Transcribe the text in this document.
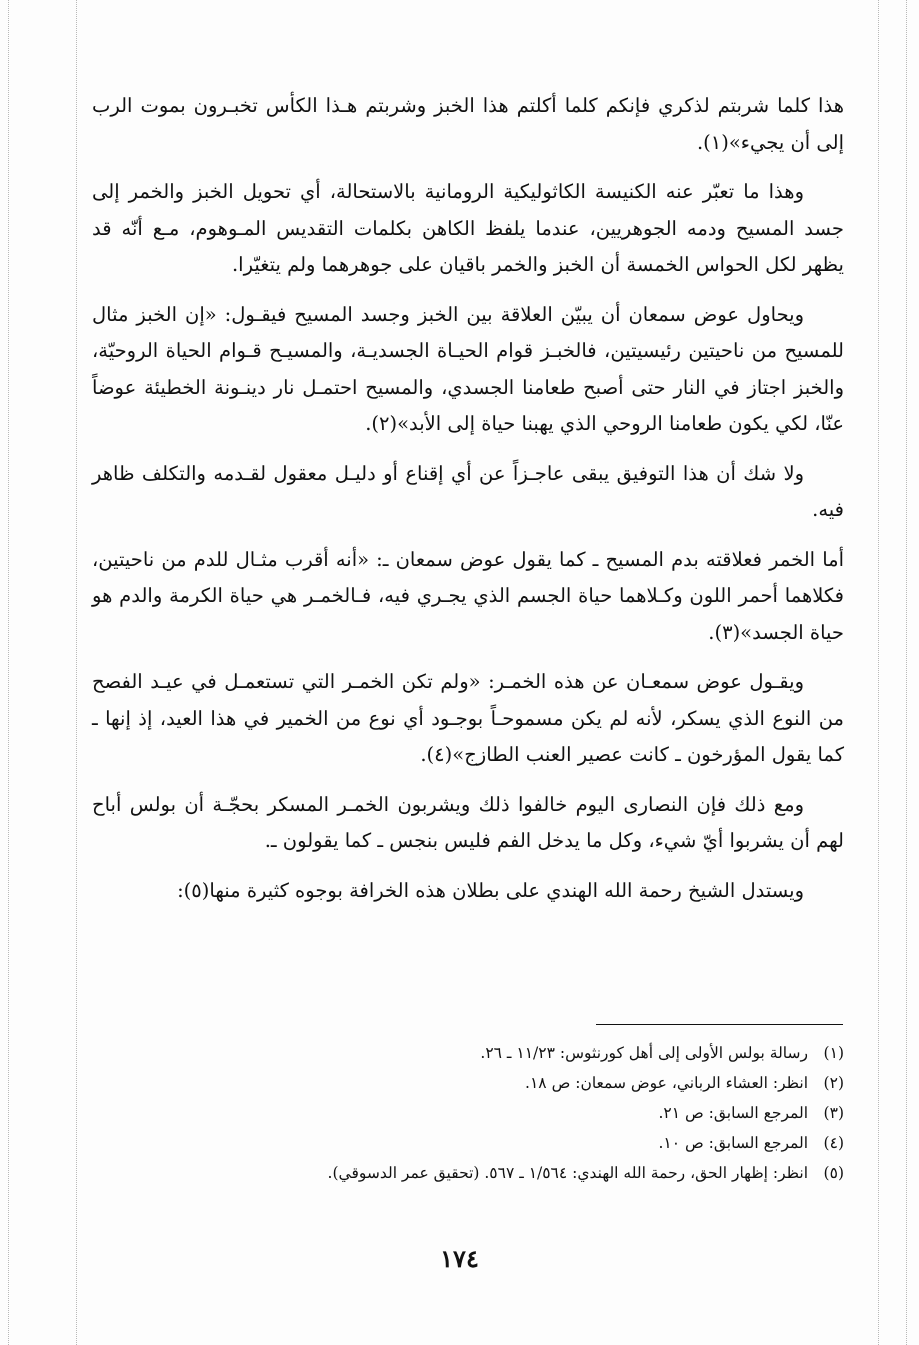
هذا كلما شربتم لذكري فإنكم كلما أكلتم هذا الخبز وشربتم هـذا الكأس تخبـرون بموت الرب إلى أن يجيء»(١).

وهذا ما تعبّر عنه الكنيسة الكاثوليكية الرومانية بالاستحالة، أي تحويل الخبز والخمر إلى جسد المسيح ودمه الجوهريين، عندما يلفظ الكاهن بكلمات التقديس المـوهوم، مـع أنّه قد يظهر لكل الحواس الخمسة أن الخبز والخمر باقيان على جوهرهما ولم يتغيّرا.

ويحاول عوض سمعان أن يبيّن العلاقة بين الخبز وجسد المسيح فيقـول: «إن الخبز مثال للمسيح من ناحيتين رئيسيتين، فالخبـز قوام الحيـاة الجسديـة، والمسيـح قـوام الحياة الروحيّة، والخبز اجتاز في النار حتى أصبح طعامنا الجسدي، والمسيح احتمـل نار دينـونة الخطيئة عوضاً عنّا، لكي يكون طعامنا الروحي الذي يهبنا حياة إلى الأبد»(٢).

ولا شك أن هذا التوفيق يبقى عاجـزاً عن أي إقناع أو دليـل معقول لقـدمه والتكلف ظاهر فيه.

أما الخمر فعلاقته بدم المسيح ـ كما يقول عوض سمعان ـ: «أنه أقرب مثـال للدم من ناحيتين، فكلاهما أحمر اللون وكـلاهما حياة الجسم الذي يجـري فيه، فـالخمـر هي حياة الكرمة والدم هو حياة الجسد»(٣).

ويقـول عوض سمعـان عن هذه الخمـر: «ولم تكن الخمـر التي تستعمـل في عيـد الفصح من النوع الذي يسكر، لأنه لم يكن مسموحـاً بوجـود أي نوع من الخمير في هذا العيد، إذ إنها ـ كما يقول المؤرخون ـ كانت عصير العنب الطازج»(٤).

ومع ذلك فإن النصارى اليوم خالفوا ذلك ويشربون الخمـر المسكر بحجّـة أن بولس أباح لهم أن يشربوا أيّ شيء، وكل ما يدخل الفم فليس بنجس ـ كما يقولون ـ.

ويستدل الشيخ رحمة الله الهندي على بطلان هذه الخرافة بوجوه كثيرة منها(٥):

(١)
رسالة بولس الأولى إلى أهل كورنثوس: ١١/٢٣ ـ ٢٦.
(٢)
انظر: العشاء الرباني، عوض سمعان: ص ١٨.
(٣)
المرجع السابق: ص ٢١.
(٤)
المرجع السابق: ص ١٠.
(٥)
انظر: إظهار الحق، رحمة الله الهندي: ١/٥٦٤ ـ ٥٦٧. (تحقيق عمر الدسوقي).
١٧٤
